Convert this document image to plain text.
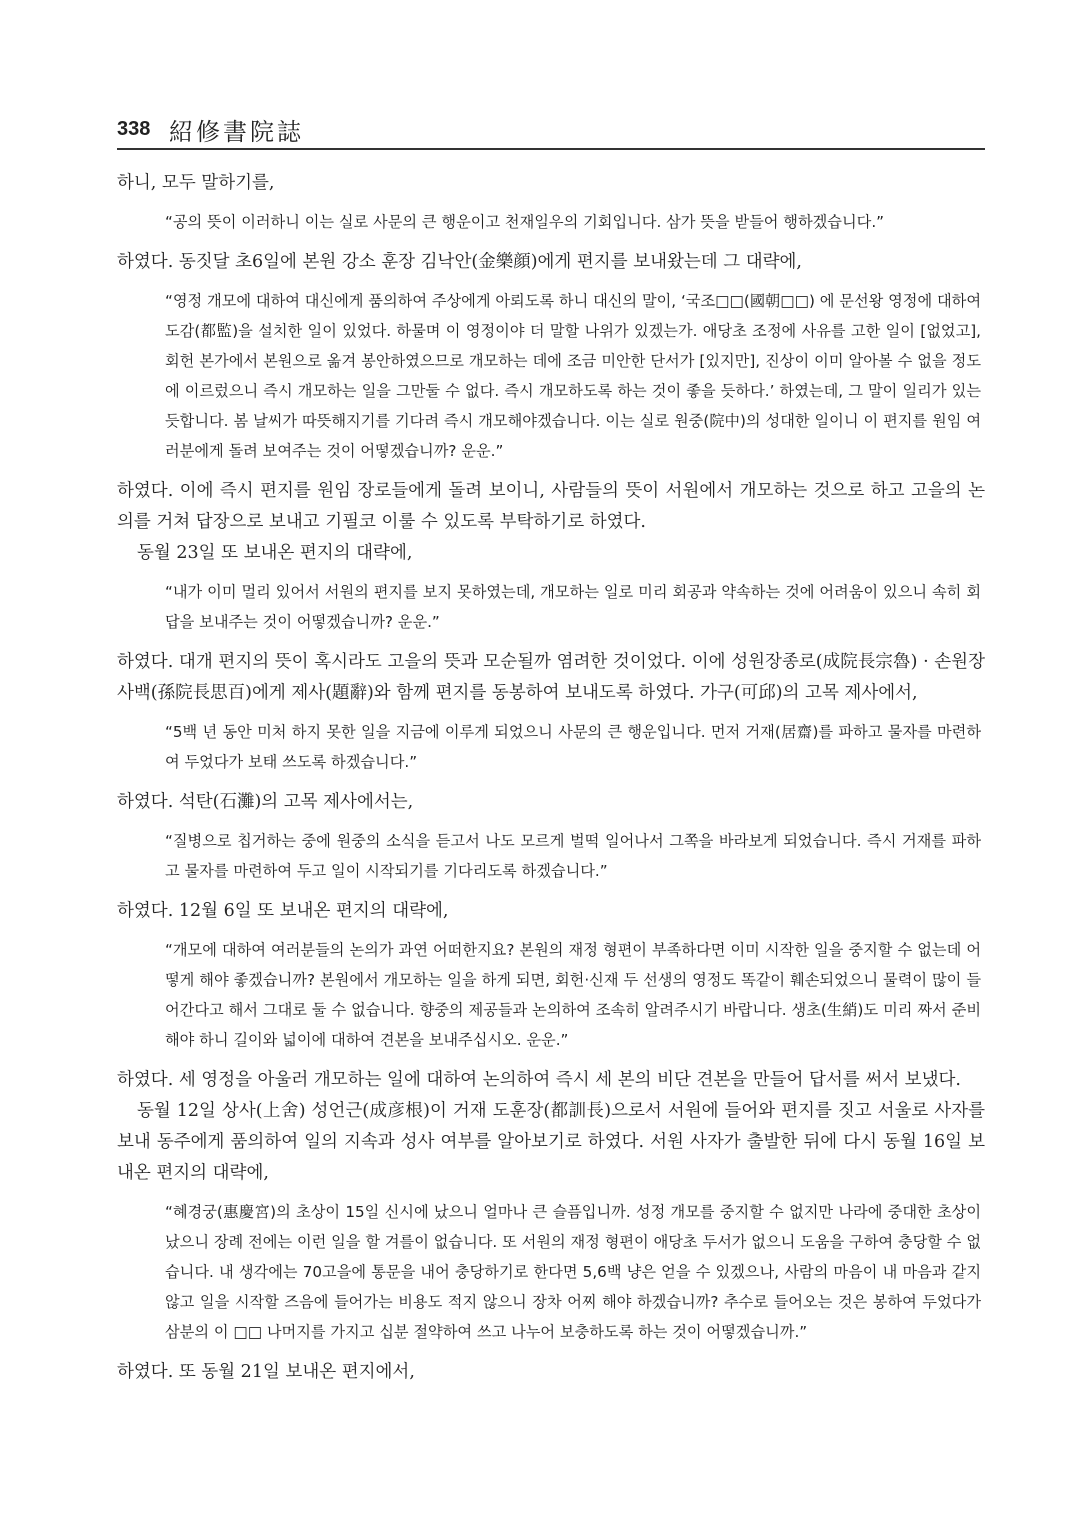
338 紹修書院誌

하니, 모두 말하기를,

“공의 뜻이 이러하니 이는 실로 사문의 큰 행운이고 천재일우의 기회입니다. 삼가 뜻을 받들어 행하겠습니다.”

하였다. 동짓달 초6일에 본원 강소 훈장 김낙안(金樂顔)에게 편지를 보내왔는데 그 대략에,

“영정 개모에 대하여 대신에게 품의하여 주상에게 아뢰도록 하니 대신의 말이, ‘국조□□(國朝□□) 에 문선왕 영정에 대하여 도감(都監)을 설치한 일이 있었다. 하물며 이 영정이야 더 말할 나위가 있겠는가. 애당초 조정에 사유를 고한 일이 [없었고], 회헌 본가에서 본원으로 옮겨 봉안하였으므로 개모하는 데에 조금 미안한 단서가 [있지만], 진상이 이미 알아볼 수 없을 정도에 이르렀으니 즉시 개모하는 일을 그만둘 수 없다. 즉시 개모하도록 하는 것이 좋을 듯하다.’ 하였는데, 그 말이 일리가 있는 듯합니다. 봄 날씨가 따뜻해지기를 기다려 즉시 개모해야겠습니다. 이는 실로 원중(院中)의 성대한 일이니 이 편지를 원임 여러분에게 돌려 보여주는 것이 어떻겠습니까? 운운.”

하였다. 이에 즉시 편지를 원임 장로들에게 돌려 보이니, 사람들의 뜻이 서원에서 개모하는 것으로 하고 고을의 논의를 거쳐 답장으로 보내고 기필코 이룰 수 있도록 부탁하기로 하였다.

동월 23일 또 보내온 편지의 대략에,

“내가 이미 멀리 있어서 서원의 편지를 보지 못하였는데, 개모하는 일로 미리 회공과 약속하는 것에 어려움이 있으니 속히 회답을 보내주는 것이 어떻겠습니까? 운운.”

하였다. 대개 편지의 뜻이 혹시라도 고을의 뜻과 모순될까 염려한 것이었다. 이에 성원장종로(成院長宗魯) · 손원장사백(孫院長思百)에게 제사(題辭)와 함께 편지를 동봉하여 보내도록 하였다. 가구(可邱)의 고목 제사에서,

“5백 년 동안 미처 하지 못한 일을 지금에 이루게 되었으니 사문의 큰 행운입니다. 먼저 거재(居齋)를 파하고 물자를 마련하여 두었다가 보태 쓰도록 하겠습니다.”

하였다. 석탄(石灘)의 고목 제사에서는,

“질병으로 칩거하는 중에 원중의 소식을 듣고서 나도 모르게 벌떡 일어나서 그쪽을 바라보게 되었습니다. 즉시 거재를 파하고 물자를 마련하여 두고 일이 시작되기를 기다리도록 하겠습니다.”

하였다. 12월 6일 또 보내온 편지의 대략에,

“개모에 대하여 여러분들의 논의가 과연 어떠한지요? 본원의 재정 형편이 부족하다면 이미 시작한 일을 중지할 수 없는데 어떻게 해야 좋겠습니까? 본원에서 개모하는 일을 하게 되면, 회헌·신재 두 선생의 영정도 똑같이 훼손되었으니 물력이 많이 들어간다고 해서 그대로 둘 수 없습니다. 향중의 제공들과 논의하여 조속히 알려주시기 바랍니다. 생초(生綃)도 미리 짜서 준비해야 하니 길이와 넓이에 대하여 견본을 보내주십시오. 운운.”

하였다. 세 영정을 아울러 개모하는 일에 대하여 논의하여 즉시 세 본의 비단 견본을 만들어 답서를 써서 보냈다.

동월 12일 상사(上舍) 성언근(成彦根)이 거재 도훈장(都訓長)으로서 서원에 들어와 편지를 짓고 서울로 사자를 보내 동주에게 품의하여 일의 지속과 성사 여부를 알아보기로 하였다. 서원 사자가 출발한 뒤에 다시 동월 16일 보내온 편지의 대략에,

“혜경궁(惠慶宮)의 초상이 15일 신시에 났으니 얼마나 큰 슬픔입니까. 성정 개모를 중지할 수 없지만 나라에 중대한 초상이 났으니 장례 전에는 이런 일을 할 겨를이 없습니다. 또 서원의 재정 형편이 애당초 두서가 없으니 도움을 구하여 충당할 수 없습니다. 내 생각에는 70고을에 통문을 내어 충당하기로 한다면 5,6백 냥은 얻을 수 있겠으나, 사람의 마음이 내 마음과 같지 않고 일을 시작할 즈음에 들어가는 비용도 적지 않으니 장차 어찌 해야 하겠습니까? 추수로 들어오는 것은 봉하여 두었다가 삼분의 이 □□ 나머지를 가지고 십분 절약하여 쓰고 나누어 보충하도록 하는 것이 어떻겠습니까.”

하였다. 또 동월 21일 보내온 편지에서,
